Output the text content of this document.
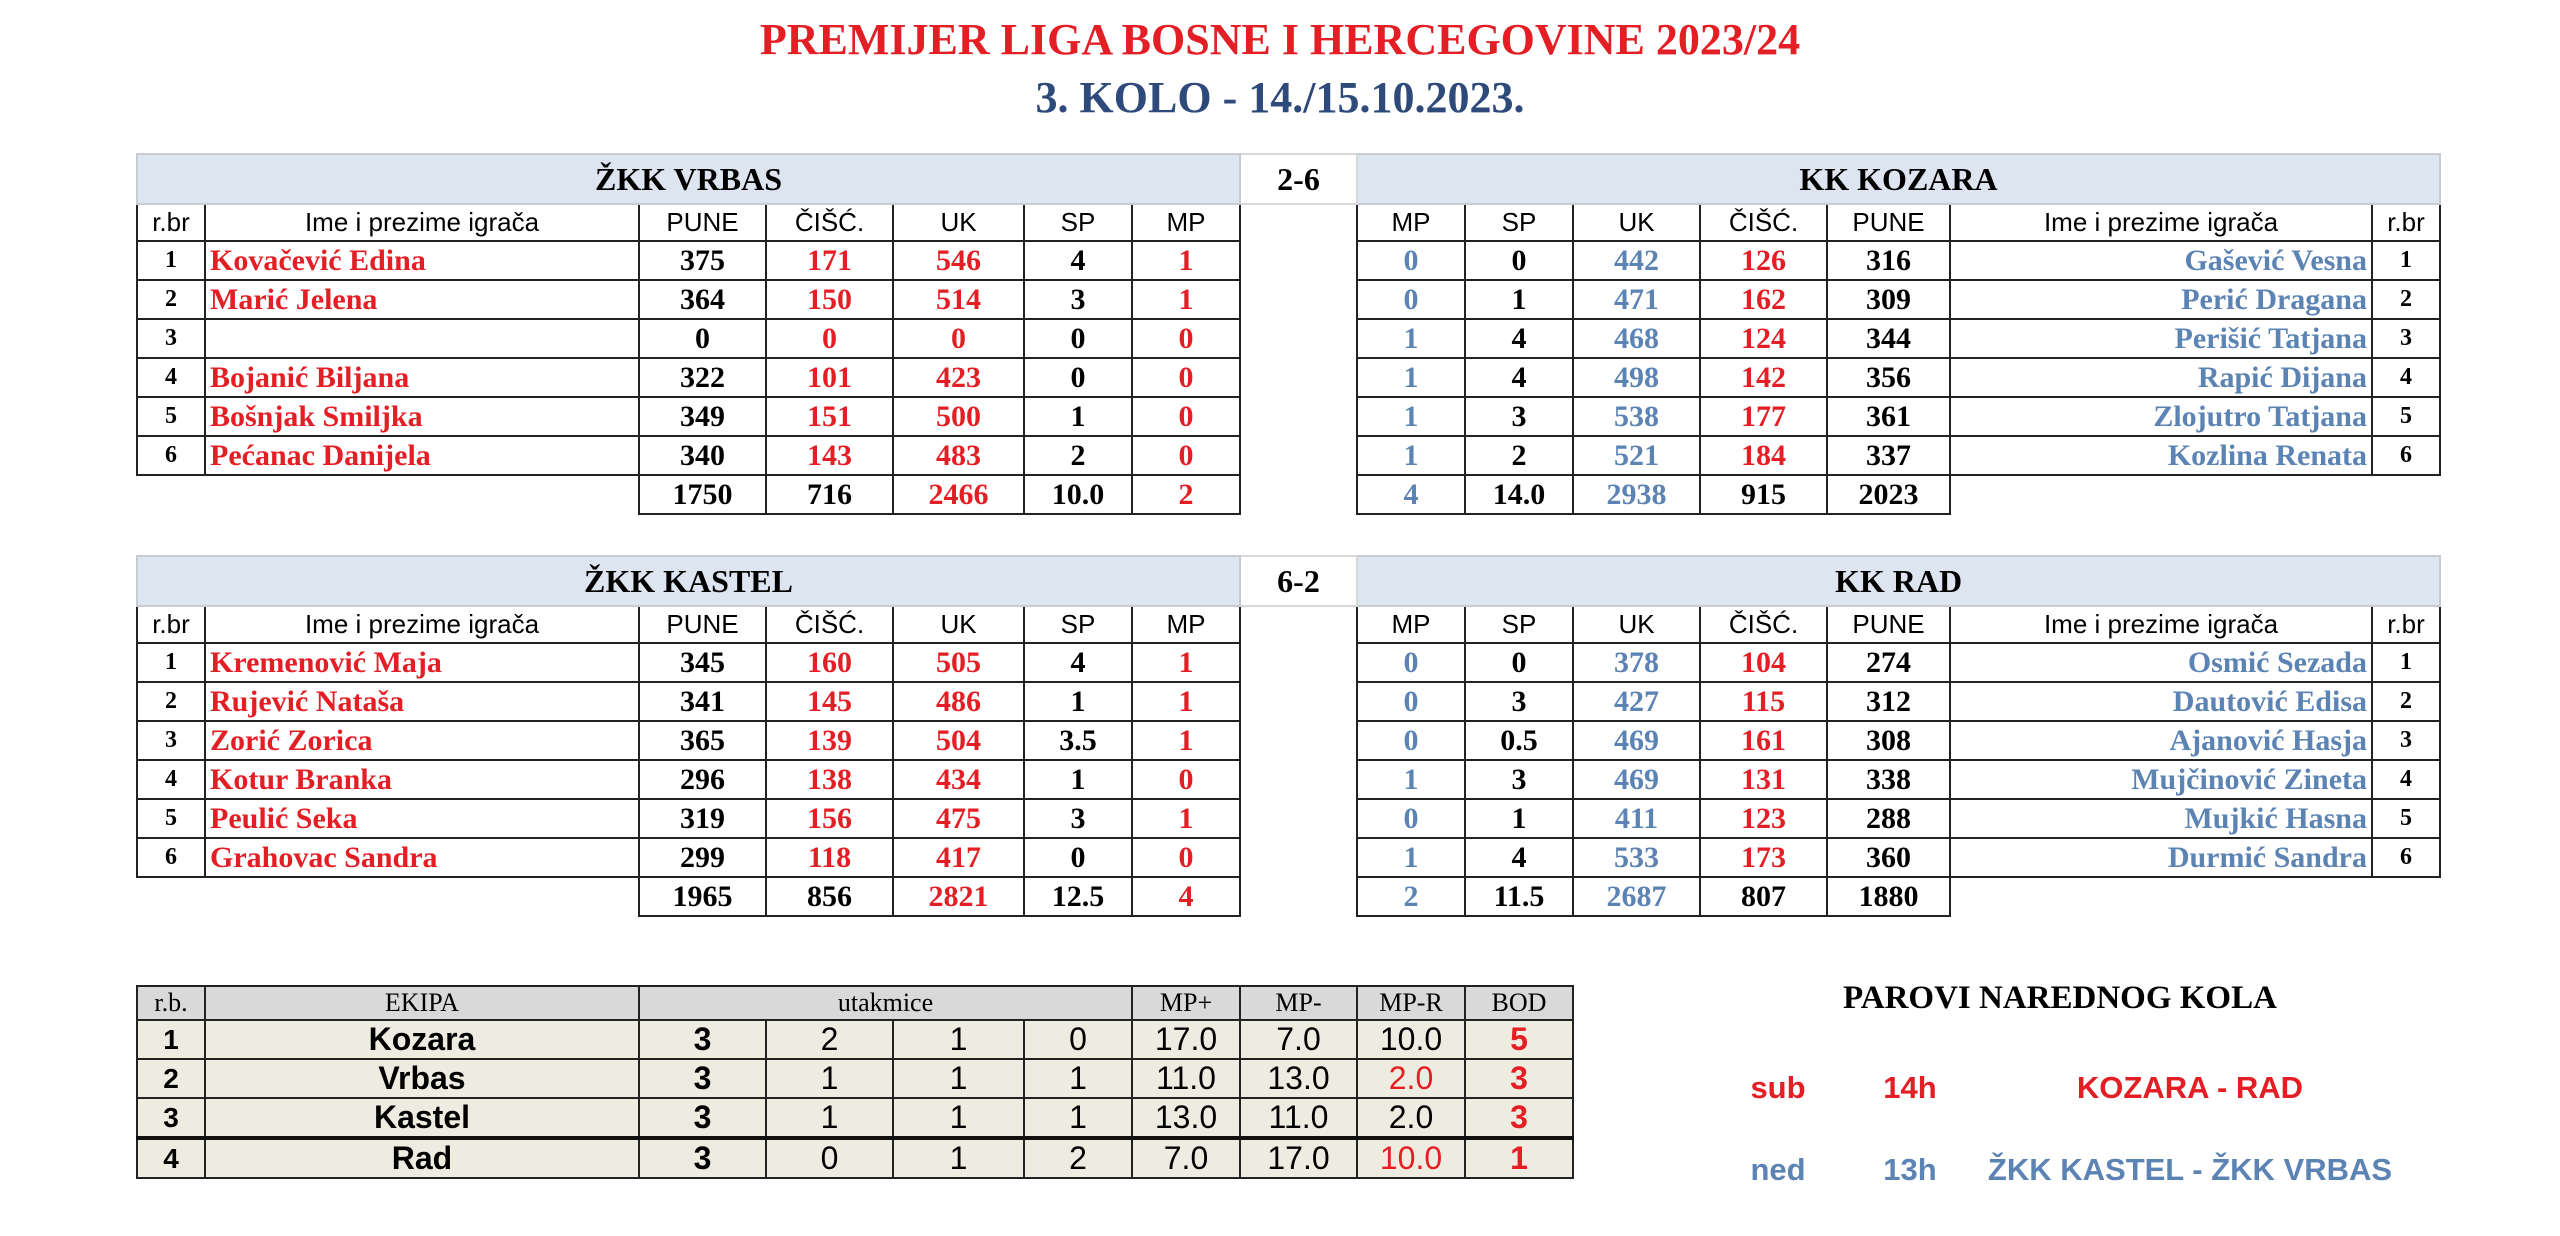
PREMIJER LIGA BOSNE I HERCEGOVINE 2023/24
3. KOLO - 14./15.10.2023.
ŽKK VRBAS							2-6	KK KOZARA						
r.br	Ime i prezime igrača	PUNE	ČIŠĆ.	UK	SP	MP		MP	SP	UK	ČIŠĆ.	PUNE	Ime i prezime igrača	r.br
1	Kovačević Edina	375	171	546	4	1		0	0	442	126	316	Gašević Vesna	1
2	Marić Jelena	364	150	514	3	1		0	1	471	162	309	Perić Dragana	2
3		0	0	0	0	0		1	4	468	124	344	Perišić Tatjana	3
4	Bojanić Biljana	322	101	423	0	0		1	4	498	142	356	Rapić Dijana	4
5	Bošnjak Smiljka	349	151	500	1	0		1	3	538	177	361	Zlojutro Tatjana	5
6	Pećanac Danijela	340	143	483	2	0		1	2	521	184	337	Kozlina Renata	6
		1750	716	2466	10.0	2		4	14.0	2938	915	2023		
ŽKK KASTEL							6-2	KK RAD						
r.br	Ime i prezime igrača	PUNE	ČIŠĆ.	UK	SP	MP		MP	SP	UK	ČIŠĆ.	PUNE	Ime i prezime igrača	r.br
1	Kremenović Maja	345	160	505	4	1		0	0	378	104	274	Osmić Sezada	1
2	Rujević Nataša	341	145	486	1	1		0	3	427	115	312	Dautović Edisa	2
3	Zorić Zorica	365	139	504	3.5	1		0	0.5	469	161	308	Ajanović Hasja	3
4	Kotur Branka	296	138	434	1	0		1	3	469	131	338	Mujčinović Zineta	4
5	Peulić Seka	319	156	475	3	1		0	1	411	123	288	Mujkić Hasna	5
6	Grahovac Sandra	299	118	417	0	0		1	4	533	173	360	Durmić Sandra	6
		1965	856	2821	12.5	4		2	11.5	2687	807	1880		
r.b.	EKIPA	utakmice				MP+	MP-	MP-R	BOD
1	Kozara	3	2	1	0	17.0	7.0	10.0	5
2	Vrbas	3	1	1	1	11.0	13.0	2.0	3
3	Kastel	3	1	1	1	13.0	11.0	2.0	3
4	Rad	3	0	1	2	7.0	17.0	10.0	1
PAROVI NAREDNOG KOLA
sub	14h	KOZARA - RAD
ned	13h	ŽKK KASTEL - ŽKK VRBAS
